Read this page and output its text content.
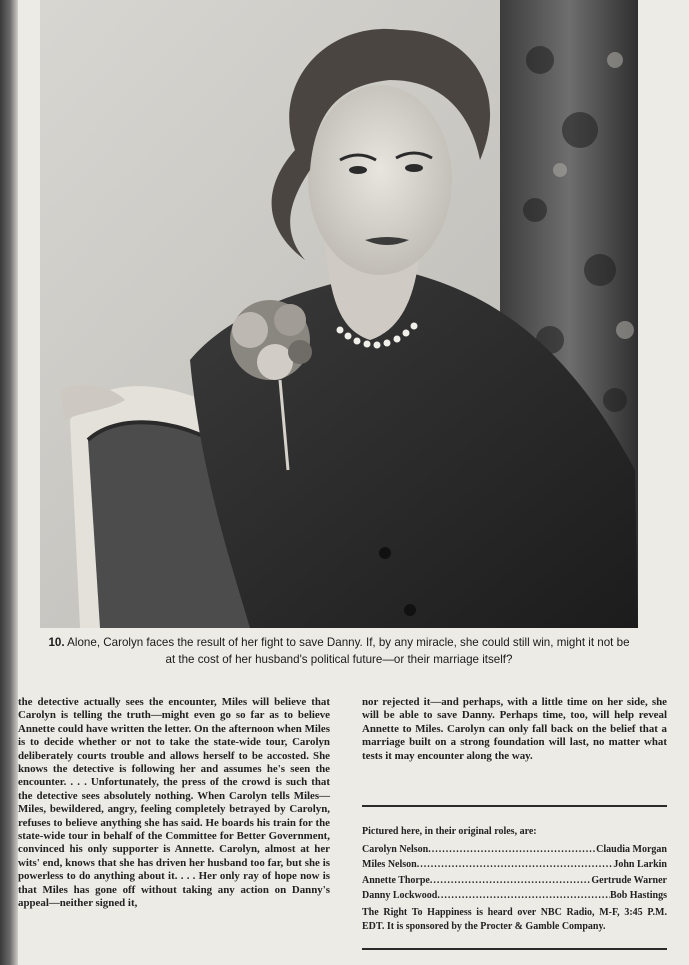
10. Alone, Carolyn faces the result of her fight to save Danny. If, by any miracle, she could still win, might it not be at the cost of her husband's political future—or their marriage itself?

the detective actually sees the encounter, Miles will believe that Carolyn is telling the truth—might even go so far as to believe Annette could have written the letter. On the afternoon when Miles is to decide whether or not to take the state-wide tour, Carolyn deliberately courts trouble and allows herself to be accosted. She knows the detective is following her and assumes he's seen the encounter. . . . Unfortunately, the press of the crowd is such that the detective sees absolutely nothing. When Carolyn tells Miles—Miles, bewildered, angry, feeling completely betrayed by Carolyn, refuses to believe anything she has said. He boards his train for the state-wide tour in behalf of the Committee for Better Government, convinced his only supporter is Annette. Carolyn, almost at her wits' end, knows that she has driven her husband too far, but she is powerless to do anything about it. . . . Her only ray of hope now is that Miles has gone off without taking any action on Danny's appeal—neither signed it,

nor rejected it—and perhaps, with a little time on her side, she will be able to save Danny. Perhaps time, too, will help reveal Annette to Miles. Carolyn can only fall back on the belief that a marriage built on a strong foundation will last, no matter what tests it may encounter along the way.

Pictured here, in their original roles, are:
Carolyn Nelson .....	Claudia Morgan
Miles Nelson .....	John Larkin
Annette Thorpe .....	Gertrude Warner
Danny Lockwood .....	Bob Hastings
The Right To Happiness is heard over NBC Radio, M-F, 3:45 P.M. EDT. It is sponsored by the Procter & Gamble Company.
